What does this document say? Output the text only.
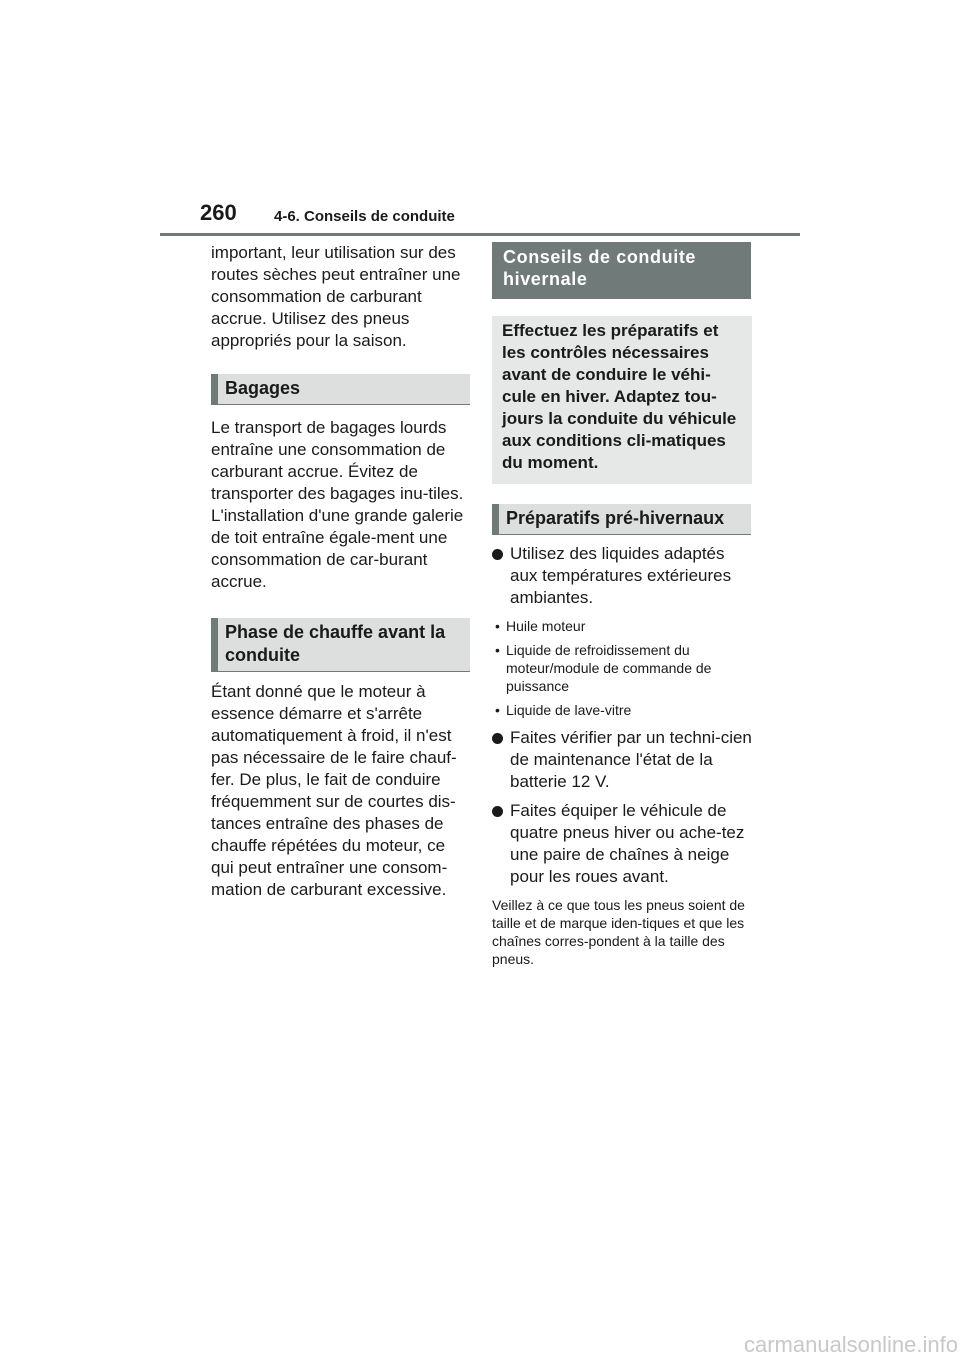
260 4-6. Conseils de conduite

important, leur utilisation sur des routes sèches peut entraîner une consommation de carburant accrue. Utilisez des pneus appropriés pour la saison.

Bagages

Le transport de bagages lourds entraîne une consommation de carburant accrue. Évitez de transporter des bagages inu-tiles. L'installation d'une grande galerie de toit entraîne égale-ment une consommation de car-burant accrue.

Phase de chauffe avant la conduite

Étant donné que le moteur à essence démarre et s'arrête automatiquement à froid, il n'est pas nécessaire de le faire chauf-fer. De plus, le fait de conduire fréquemment sur de courtes dis-tances entraîne des phases de chauffe répétées du moteur, ce qui peut entraîner une consom-mation de carburant excessive.

Conseils de conduite hivernale
Effectuez les préparatifs et les contrôles nécessaires avant de conduire le véhi-cule en hiver. Adaptez tou-jours la conduite du véhicule aux conditions cli-matiques du moment.
Préparatifs pré-hivernaux
Utilisez des liquides adaptés aux températures extérieures ambiantes.
• Huile moteur
• Liquide de refroidissement du moteur/module de commande de puissance
• Liquide de lave-vitre
Faites vérifier par un techni-cien de maintenance l'état de la batterie 12 V.
Faites équiper le véhicule de quatre pneus hiver ou ache-tez une paire de chaînes à neige pour les roues avant.

Veillez à ce que tous les pneus soient de taille et de marque iden-tiques et que les chaînes corres-pondent à la taille des pneus.

carmanualsonline.info
